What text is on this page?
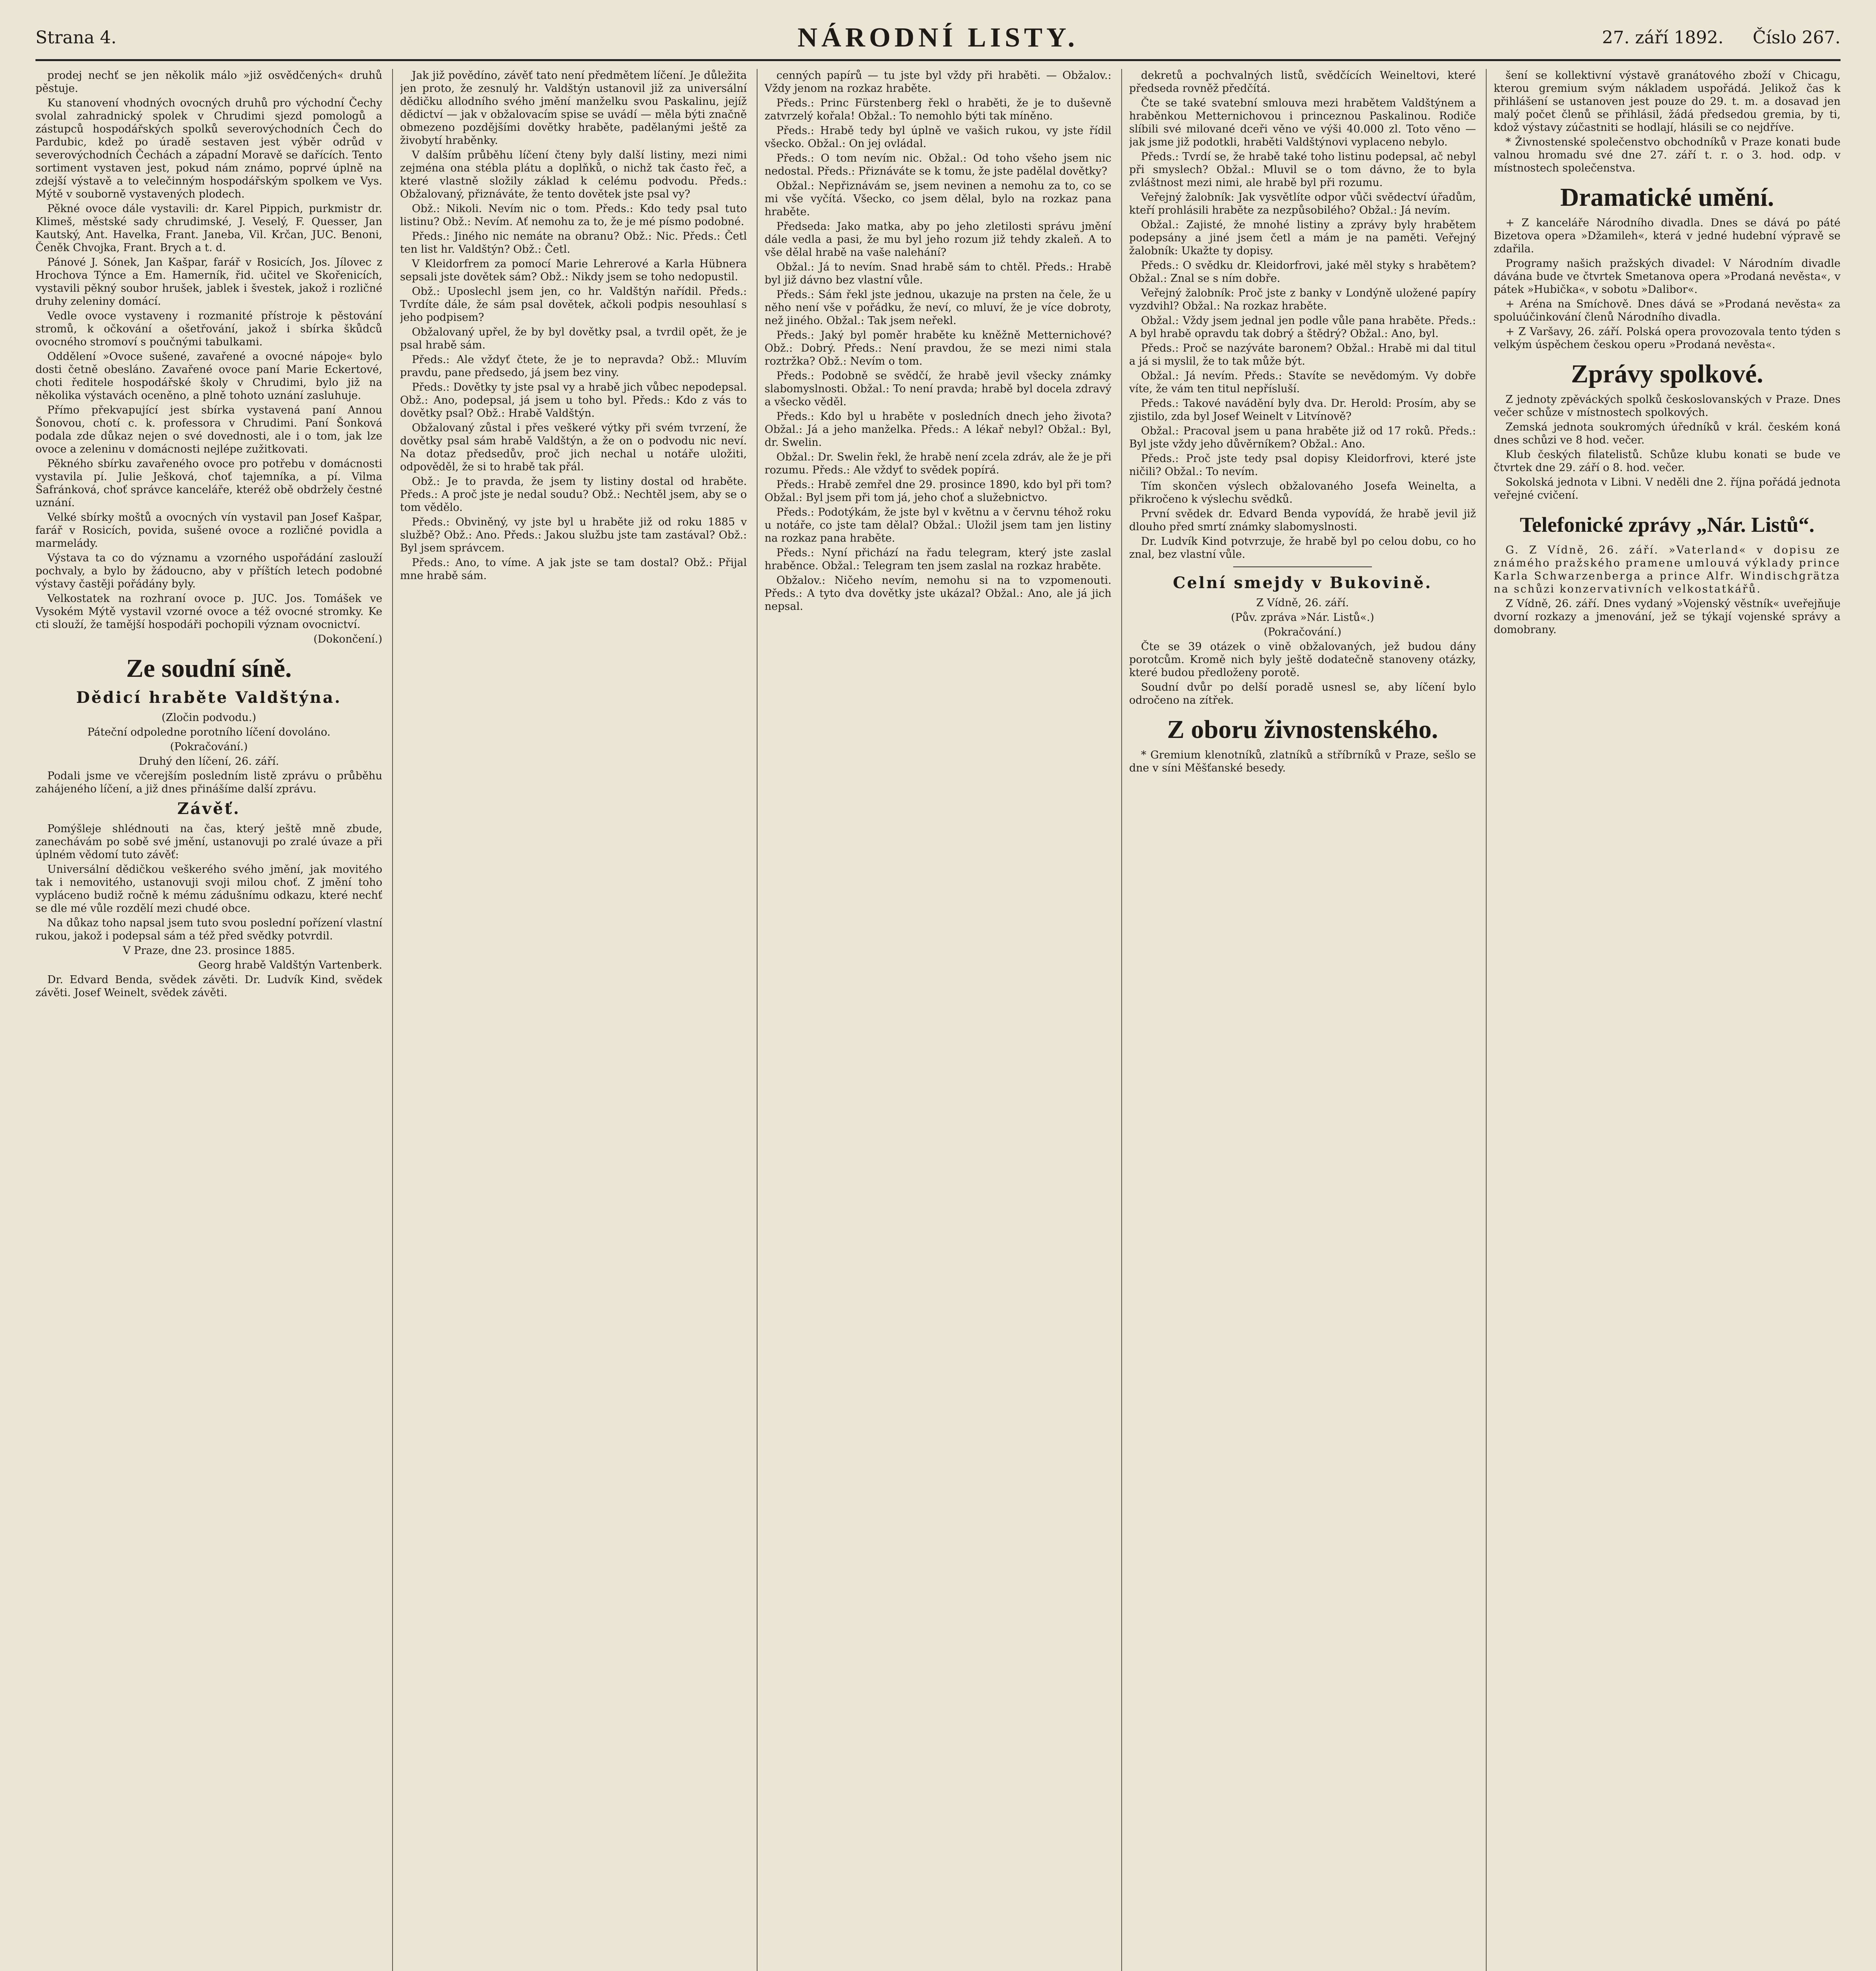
Strana 4.	NÁRODNÍ LISTY.	27. září 1892. Číslo 267.

prodej nechť se jen několik málo »již osvědčených« druhů pěstuje.

Ku stanovení vhodných ovocných druhů pro východní Čechy svolal zahradnický spolek v Chrudimi sjezd pomologů a zástupců hospodářských spolků severovýchodních Čech do Pardubic, kdež po úradě sestaven jest výběr odrůd v severovýchodních Čechách a západní Moravě se dařících. Tento sortiment vystaven jest, pokud nám známo, poprvé úplně na zdejší výstavě a to velečinným hospodářským spolkem ve Vys. Mýtě v souborně vystavených plodech.

Pěkné ovoce dále vystavili: dr. Karel Pippich, purkmistr dr. Klimeš, městské sady chrudimské, J. Veselý, F. Quesser, Jan Kautský, Ant. Havelka, Frant. Janeba, Vil. Krčan, JUC. Benoni, Čeněk Chvojka, Frant. Brych a t. d.

Pánové J. Sónek, Jan Kašpar, farář v Rosicích, Jos. Jílovec z Hrochova Týnce a Em. Hamerník, řid. učitel ve Skořenicích, vystavili pěkný soubor hrušek, jablek i švestek, jakož i rozličné druhy zeleniny domácí.

Vedle ovoce vystaveny i rozmanité přístroje k pěstování stromů, k očkování a ošetřování, jakož i sbírka škůdců ovocného stromoví s poučnými tabulkami.

Oddělení »Ovoce sušené, zavařené a ovocné nápoje« bylo dosti četně obesláno. Zavařené ovoce paní Marie Eckertové, choti ředitele hospodářské školy v Chrudimi, bylo již na několika výstavách oceněno, a plně tohoto uznání zasluhuje.

Přímo překvapující jest sbírka vystavená paní Annou Šonovou, chotí c. k. professora v Chrudimi. Paní Šonková podala zde důkaz nejen o své dovednosti, ale i o tom, jak lze ovoce a zeleninu v domácnosti nejlépe zužitkovati.

Pěkného sbírku zavařeného ovoce pro potřebu v domácnosti vystavila pí. Julie Ješková, choť tajemníka, a pí. Vilma Šafránková, choť správce kanceláře, kteréž obě obdržely čestné uznání.

Velké sbírky moštů a ovocných vín vystavil pan Josef Kašpar, farář v Rosicích, povida, sušené ovoce a rozličné povidla a marmelády.

Výstava ta co do významu a vzorného uspořádání zaslouží pochvaly, a bylo by žádoucno, aby v příštích letech podobné výstavy častěji pořádány byly.

Velkostatek na rozhraní ovoce p. JUC. Jos. Tomášek ve Vysokém Mýtě vystavil vzorné ovoce a též ovocné stromky. Ke cti slouží, že tamější hospodáři pochopili význam ovocnictví.

(Dokončení.)

Ze soudní síně.
Dědicí hraběte Valdštýna.

(Zločin podvodu.)

Páteční odpoledne porotního líčení dovoláno.

(Pokračování.)

Druhý den líčení, 26. září.

Podali jsme ve včerejším posledním listě zprávu o průběhu zahájeného líčení, a již dnes přinášíme další zprávu.

Závěť.

Pomýšleje shlédnouti na čas, který ještě mně zbude, zanechávám po sobě své jmění, ustanovuji po zralé úvaze a při úplném vědomí tuto závěť:

Universální dědičkou veškerého svého jmění, jak movitého tak i nemovitého, ustanovuji svoji milou choť. Z jmění toho vypláceno budiž ročně k mému zádušnímu odkazu, které nechť se dle mé vůle rozdělí mezi chudé obce.

Na důkaz toho napsal jsem tuto svou poslední pořízení vlastní rukou, jakož i podepsal sám a též před svědky potvrdil.

V Praze, dne 23. prosince 1885.

Georg hrabě Valdštýn Vartenberk.

Dr. Edvard Benda, svědek závěti. Dr. Ludvík Kind, svědek závěti. Josef Weinelt, svědek závěti.

Jak již povědíno, závěť tato není předmětem líčení. Je důležita jen proto, že zesnulý hr. Valdštýn ustanovil již za universální dědičku allodního svého jmění manželku svou Paskalinu, jejíž dědictví — jak v obžalovacím spise se uvádí — měla býti značně obmezeno pozdějšími dovětky hraběte, padělanými ještě za živobytí hraběnky.

V dalším průběhu líčení čteny byly další listiny, mezi nimi zejména ona stébla plátu a doplňků, o nichž tak často řeč, a které vlastně složily základ k celému podvodu. Předs.: Obžalovaný, přiznáváte, že tento dovětek jste psal vy?

Obž.: Nikoli. Nevím nic o tom. Předs.: Kdo tedy psal tuto listinu? Obž.: Nevím. Ať nemohu za to, že je mé písmo podobné.

Předs.: Jiného nic nemáte na obranu? Obž.: Nic. Předs.: Četl ten list hr. Valdštýn? Obž.: Četl.

V Kleidorfrem za pomocí Marie Lehrerové a Karla Hübnera sepsali jste dovětek sám? Obž.: Nikdy jsem se toho nedopustil.

Obž.: Uposlechl jsem jen, co hr. Valdštýn nařídil. Předs.: Tvrdíte dále, že sám psal dovětek, ačkoli podpis nesouhlasí s jeho podpisem?

Obžalovaný upřel, že by byl dovětky psal, a tvrdil opět, že je psal hrabě sám.

Předs.: Ale vždyť čtete, že je to nepravda? Obž.: Mluvím pravdu, pane předsedo, já jsem bez viny.

Předs.: Dovětky ty jste psal vy a hrabě jich vůbec nepodepsal. Obž.: Ano, podepsal, já jsem u toho byl. Předs.: Kdo z vás to dovětky psal? Obž.: Hrabě Valdštýn.

Obžalovaný zůstal i přes veškeré výtky při svém tvrzení, že dovětky psal sám hrabě Valdštýn, a že on o podvodu nic neví. Na dotaz předsedův, proč jich nechal u notáře uložiti, odpověděl, že si to hrabě tak přál.

Obž.: Je to pravda, že jsem ty listiny dostal od hraběte. Předs.: A proč jste je nedal soudu? Obž.: Nechtěl jsem, aby se o tom vědělo.

Předs.: Obviněný, vy jste byl u hraběte již od roku 1885 v službě? Obž.: Ano. Předs.: Jakou službu jste tam zastával? Obž.: Byl jsem správcem.

Předs.: Ano, to víme. A jak jste se tam dostal? Obž.: Přijal mne hrabě sám.

cenných papírů — tu jste byl vždy při hraběti. — Obžalov.: Vždy jenom na rozkaz hraběte.

Předs.: Princ Fürstenberg řekl o hraběti, že je to duševně zatvrzelý kořala! Obžal.: To nemohlo býti tak míněno.

Předs.: Hrabě tedy byl úplně ve vašich rukou, vy jste řídil všecko. Obžal.: On jej ovládal.

Předs.: O tom nevím nic. Obžal.: Od toho všeho jsem nic nedostal. Předs.: Přiznáváte se k tomu, že jste padělal dovětky?

Obžal.: Nepřiznávám se, jsem nevinen a nemohu za to, co se mi vše vyčítá. Všecko, co jsem dělal, bylo na rozkaz pana hraběte.

Předseda: Jako matka, aby po jeho zletilosti správu jmění dále vedla a pasi, že mu byl jeho rozum již tehdy zkaleň. A to vše dělal hrabě na vaše nalehání?

Obžal.: Já to nevím. Snad hrabě sám to chtěl. Předs.: Hrabě byl již dávno bez vlastní vůle.

Předs.: Sám řekl jste jednou, ukazuje na prsten na čele, že u něho není vše v pořádku, že neví, co mluví, že je více dobroty, než jiného. Obžal.: Tak jsem neřekl.

Předs.: Jaký byl poměr hraběte ku kněžně Metternichové? Obž.: Dobrý. Předs.: Není pravdou, že se mezi nimi stala roztržka? Obž.: Nevím o tom.

Předs.: Podobně se svědčí, že hrabě jevil všecky známky slabomyslnosti. Obžal.: To není pravda; hrabě byl docela zdravý a všecko věděl.

Předs.: Kdo byl u hraběte v posledních dnech jeho života? Obžal.: Já a jeho manželka. Předs.: A lékař nebyl? Obžal.: Byl, dr. Swelin.

Obžal.: Dr. Swelin řekl, že hrabě není zcela zdráv, ale že je při rozumu. Předs.: Ale vždyť to svědek popírá.

Předs.: Hrabě zemřel dne 29. prosince 1890, kdo byl při tom? Obžal.: Byl jsem při tom já, jeho choť a služebnictvo.

Předs.: Podotýkám, že jste byl v květnu a v červnu téhož roku u notáře, co jste tam dělal? Obžal.: Uložil jsem tam jen listiny na rozkaz pana hraběte.

Předs.: Nyní přichází na řadu telegram, který jste zaslal hraběnce. Obžal.: Telegram ten jsem zaslal na rozkaz hraběte.

Obžalov.: Ničeho nevím, nemohu si na to vzpomenouti. Předs.: A tyto dva dovětky jste ukázal? Obžal.: Ano, ale já jich nepsal.

dekretů a pochvalných listů, svědčících Weineltovi, které předseda rovněž předčítá.

Čte se také svatební smlouva mezi hrabětem Valdštýnem a hraběnkou Metternichovou i princeznou Paskalinou. Rodiče slíbili své milované dceři věno ve výši 40.000 zl. Toto věno — jak jsme již podotkli, hraběti Valdštýnovi vyplaceno nebylo.

Předs.: Tvrdí se, že hrabě také toho listinu podepsal, ač nebyl při smyslech? Obžal.: Mluvil se o tom dávno, že to byla zvláštnost mezi nimi, ale hrabě byl při rozumu.

Veřejný žalobník: Jak vysvětlíte odpor vůči svědectví úřadům, kteří prohlásili hraběte za nezpůsobilého? Obžal.: Já nevím.

Obžal.: Zajisté, že mnohé listiny a zprávy byly hrabětem podepsány a jiné jsem četl a mám je na paměti. Veřejný žalobník: Ukažte ty dopisy.

Předs.: O svědku dr. Kleidorfrovi, jaké měl styky s hrabětem? Obžal.: Znal se s ním dobře.

Veřejný žalobník: Proč jste z banky v Londýně uložené papíry vyzdvihl? Obžal.: Na rozkaz hraběte.

Obžal.: Vždy jsem jednal jen podle vůle pana hraběte. Předs.: A byl hrabě opravdu tak dobrý a štědrý? Obžal.: Ano, byl.

Předs.: Proč se nazýváte baronem? Obžal.: Hrabě mi dal titul a já si myslil, že to tak může být.

Obžal.: Já nevím. Předs.: Stavíte se nevědomým. Vy dobře víte, že vám ten titul nepřísluší.

Předs.: Takové navádění byly dva. Dr. Herold: Prosím, aby se zjistilo, zda byl Josef Weinelt v Litvínově?

Obžal.: Pracoval jsem u pana hraběte již od 17 roků. Předs.: Byl jste vždy jeho důvěrníkem? Obžal.: Ano.

Předs.: Proč jste tedy psal dopisy Kleidorfrovi, které jste ničili? Obžal.: To nevím.

Tím skončen výslech obžalovaného Josefa Weinelta, a přikročeno k výslechu svědků.

První svědek dr. Edvard Benda vypovídá, že hrabě jevil již dlouho před smrtí známky slabomyslnosti.

Dr. Ludvík Kind potvrzuje, že hrabě byl po celou dobu, co ho znal, bez vlastní vůle.

Celní smejdy v Bukovině.

Z Vídně, 26. září.

(Pův. zpráva »Nár. Listů«.)

(Pokračování.)

Čte se 39 otázek o vině obžalovaných, jež budou dány porotcům. Kromě nich byly ještě dodatečně stanoveny otázky, které budou předloženy porotě.

Soudní dvůr po delší poradě usnesl se, aby líčení bylo odročeno na zítřek.

Z oboru živnostenského.

* Gremium klenotníků, zlatníků a stříbrníků v Praze, sešlo se dne v síni Měšťanské besedy.

šení se kollektivní výstavě granátového zboží v Chicagu, kterou gremium svým nákladem uspořádá. Jelikož čas k přihlášení se ustanoven jest pouze do 29. t. m. a dosavad jen malý počet členů se přihlásil, žádá předsedou gremia, by ti, kdož výstavy zúčastniti se hodlají, hlásili se co nejdříve.

* Živnostenské společenstvo obchodníků v Praze konati bude valnou hromadu své dne 27. září t. r. o 3. hod. odp. v místnostech společenstva.

Dramatické umění.

+ Z kanceláře Národního divadla. Dnes se dává po páté Bizetova opera »Džamileh«, která v jedné hudební výpravě se zdařila.

Programy našich pražských divadel: V Národním divadle dávána bude ve čtvrtek Smetanova opera »Prodaná nevěsta«, v pátek »Hubička«, v sobotu »Dalibor«.

+ Aréna na Smíchově. Dnes dává se »Prodaná nevěsta« za spoluúčinkování členů Národního divadla.

+ Z Varšavy, 26. září. Polská opera provozovala tento týden s velkým úspěchem českou operu »Prodaná nevěsta«.

Zprávy spolkové.

Z jednoty zpěváckých spolků českoslovanských v Praze. Dnes večer schůze v místnostech spolkových.

Zemská jednota soukromých úředníků v král. českém koná dnes schůzi ve 8 hod. večer.

Klub českých filatelistů. Schůze klubu konati se bude ve čtvrtek dne 29. září o 8. hod. večer.

Sokolská jednota v Libni. V neděli dne 2. října pořádá jednota veřejné cvičení.

Telefonické zprávy „Nár. Listů“.

G. Z Vídně, 26. září. »Vaterland« v dopisu ze známého pražského pramene umlouvá výklady prince Karla Schwarzenberga a prince Alfr. Windischgrätza na schůzi konzervativních velkostatkářů.

Z Vídně, 26. září. Dnes vydaný »Vojenský věstník« uveřejňuje dvorní rozkazy a jmenování, jež se týkají vojenské správy a domobrany.
